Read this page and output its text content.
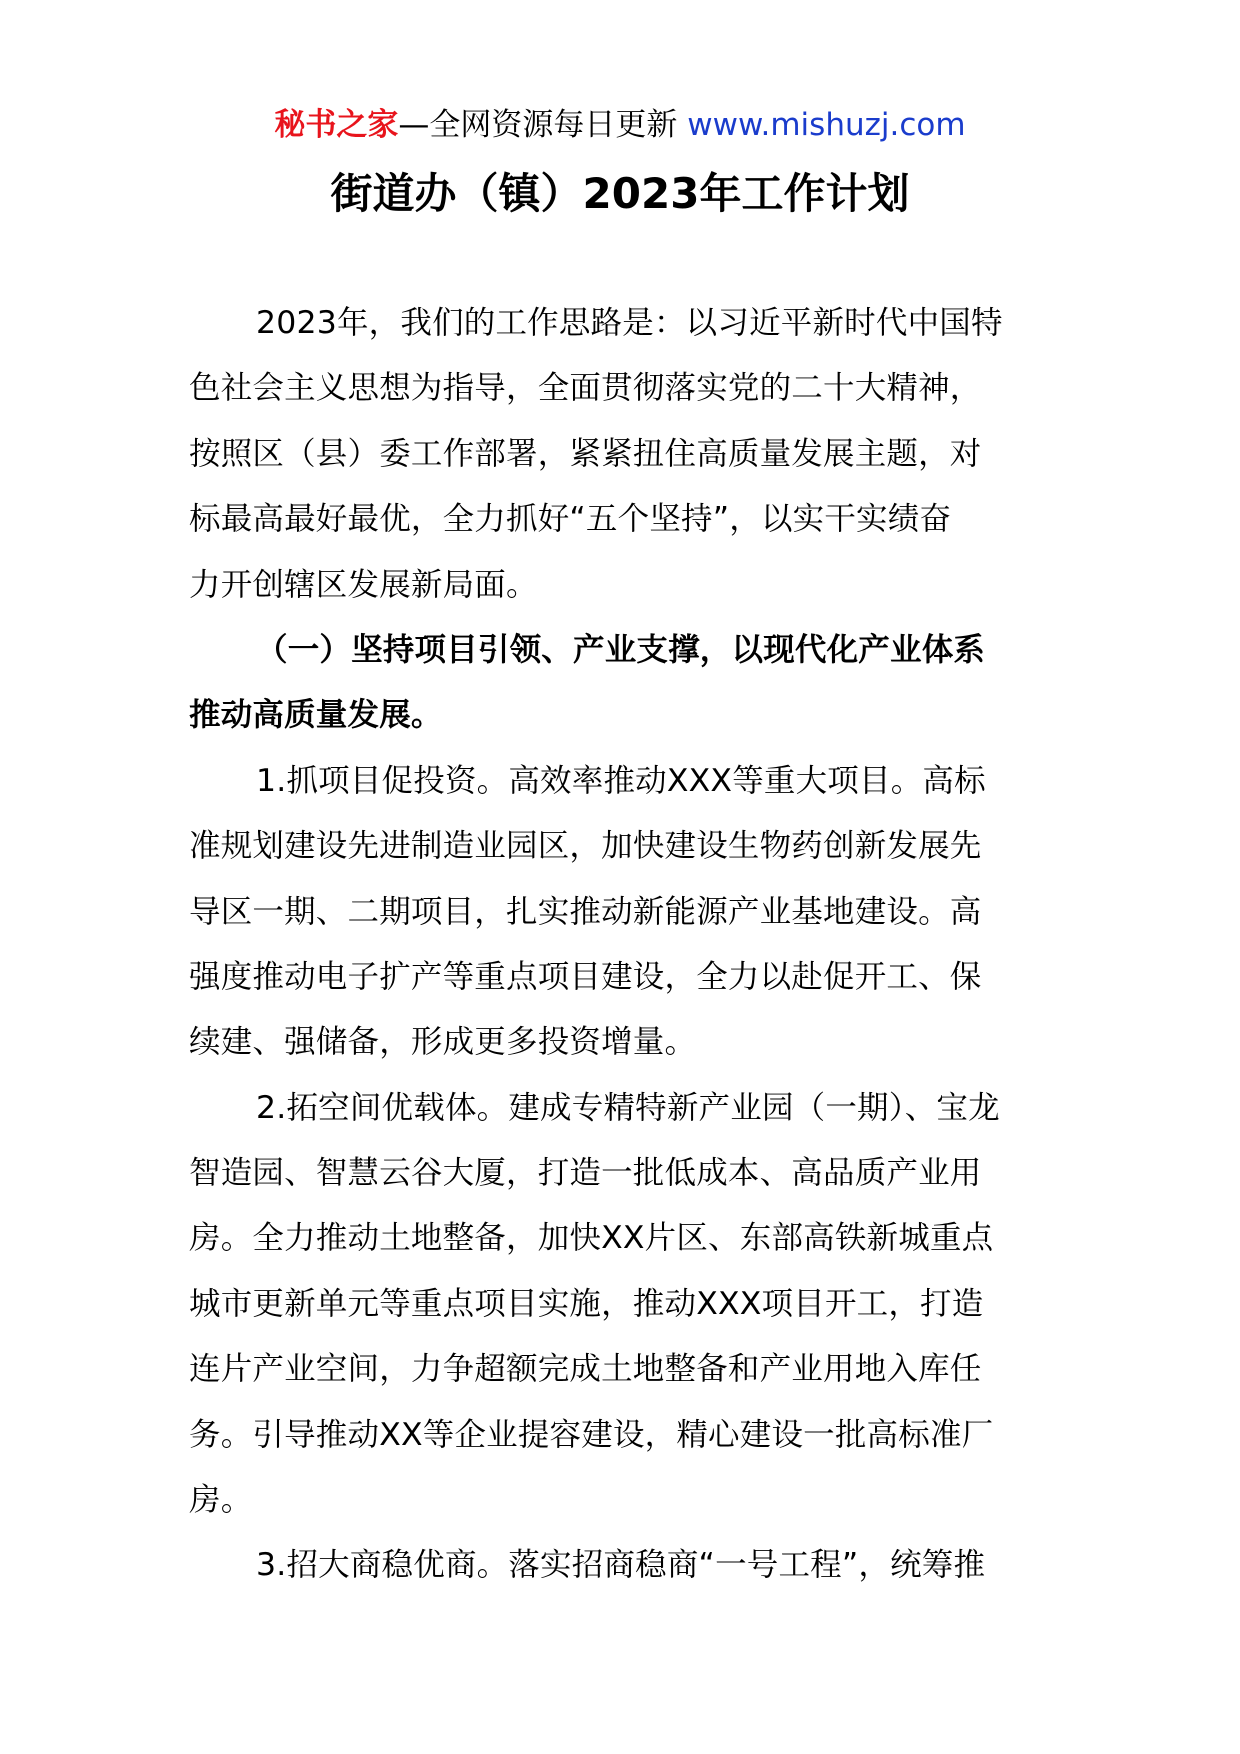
秘书之家—全网资源每日更新 www.mishuzj.com
街道办（镇）2023年工作计划
2023年，我们的工作思路是：以习近平新时代中国特
色社会主义思想为指导，全面贯彻落实党的二十大精神，
按照区（县）委工作部署，紧紧扭住高质量发展主题，对
标最高最好最优，全力抓好“五个坚持”，以实干实绩奋
力开创辖区发展新局面。
（一）坚持项目引领、产业支撑，以现代化产业体系
推动高质量发展。
1.抓项目促投资。高效率推动XXX等重大项目。高标
准规划建设先进制造业园区，加快建设生物药创新发展先
导区一期、二期项目，扎实推动新能源产业基地建设。高
强度推动电子扩产等重点项目建设，全力以赴促开工、保
续建、强储备，形成更多投资增量。
2.拓空间优载体。建成专精特新产业园（一期）、宝龙
智造园、智慧云谷大厦，打造一批低成本、高品质产业用
房。全力推动土地整备，加快XX片区、东部高铁新城重点
城市更新单元等重点项目实施，推动XXX项目开工，打造
连片产业空间，力争超额完成土地整备和产业用地入库任
务。引导推动XX等企业提容建设，精心建设一批高标准厂
房。
3.招大商稳优商。落实招商稳商“一号工程”，统筹推
